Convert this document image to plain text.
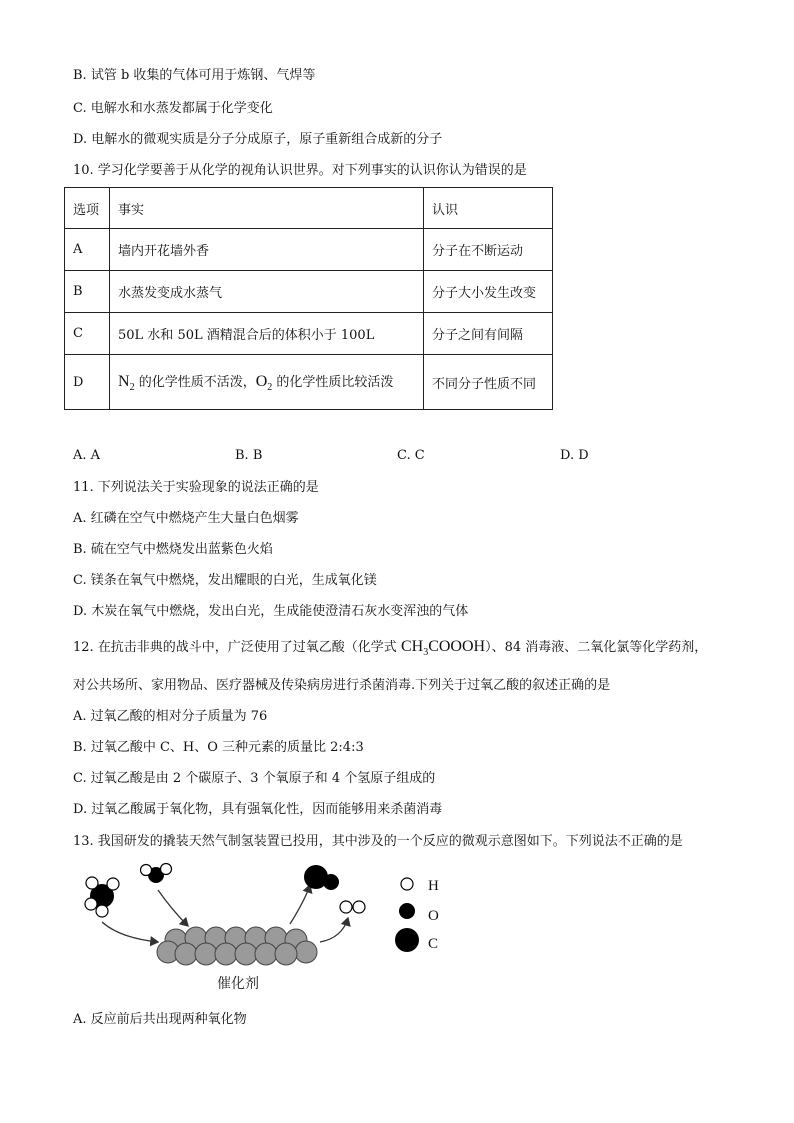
B. 试管 b 收集的气体可用于炼钢、气焊等
C. 电解水和水蒸发都属于化学变化
D. 电解水的微观实质是分子分成原子，原子重新组合成新的分子
10. 学习化学要善于从化学的视角认识世界。对下列事实的认识你认为错误的是
选项	事实	认识
A	墙内开花墙外香	分子在不断运动
B	水蒸发变成水蒸气	分子大小发生改变
C	50L 水和 50L 酒精混合后的体积小于 100L	分子之间有间隔
D	$N_2$ 的化学性质不活泼，$O_2$ 的化学性质比较活泼	不同分子性质不同
A. A	B. B	C. C	D. D
11. 下列说法关于实验现象的说法正确的是
A. 红磷在空气中燃烧产生大量白色烟雾
B. 硫在空气中燃烧发出蓝紫色火焰
C. 镁条在氧气中燃烧，发出耀眼的白光，生成氧化镁
D. 木炭在氧气中燃烧，发出白光，生成能使澄清石灰水变浑浊的气体
12. 在抗击非典的战斗中，广泛使用了过氧乙酸（化学式 $CH_3COOOH$）、84 消毒液、二氧化氯等化学药剂，
对公共场所、家用物品、医疗器械及传染病房进行杀菌消毒.下列关于过氧乙酸的叙述正确的是
A. 过氧乙酸的相对分子质量为 76
B. 过氧乙酸中 C、H、O 三种元素的质量比 2:4:3
C. 过氧乙酸是由 2 个碳原子、3 个氧原子和 4 个氢原子组成的
D. 过氧乙酸属于氧化物，具有强氧化性，因而能够用来杀菌消毒
13. 我国研发的撬装天然气制氢装置已投用，其中涉及的一个反应的微观示意图如下。下列说法不正确的是
催化剂
H
O
C
A. 反应前后共出现两种氧化物
